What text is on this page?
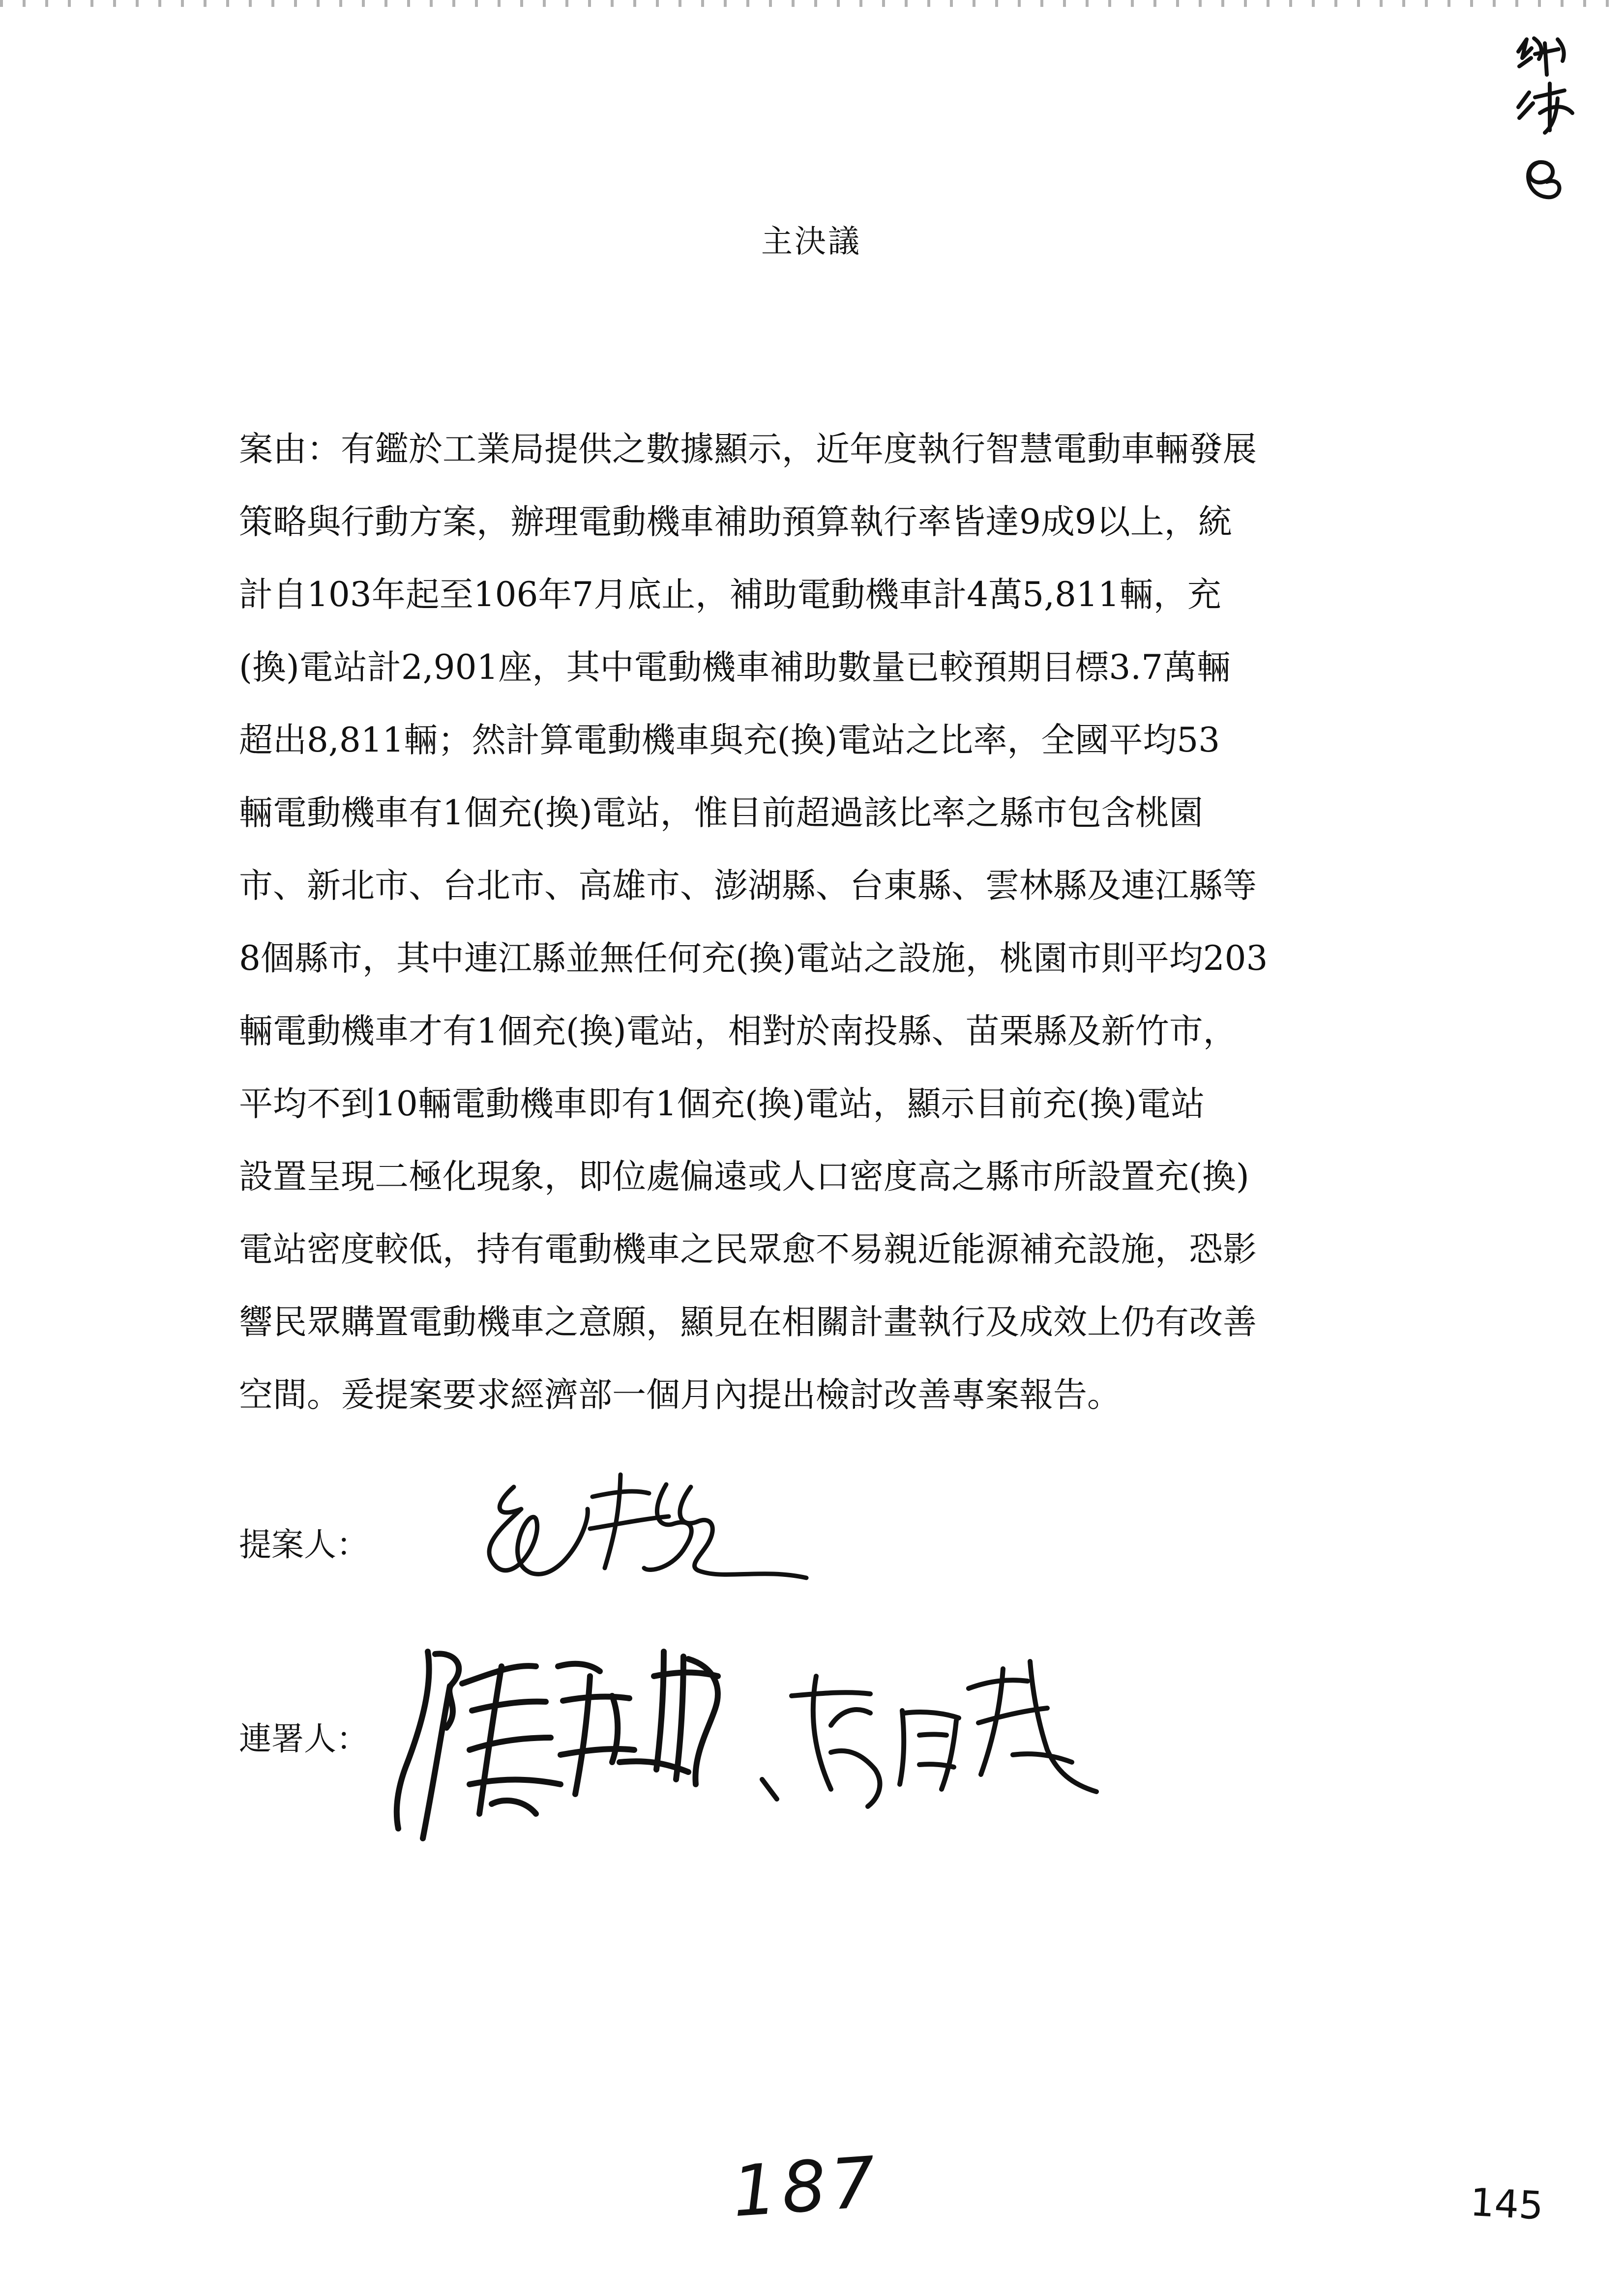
主決議
案由：有鑑於工業局提供之數據顯示，近年度執行智慧電動車輛發展
策略與行動方案，辦理電動機車補助預算執行率皆達9成9以上，統
計自103年起至106年7月底止，補助電動機車計4萬5,811輛，充
(換)電站計2,901座，其中電動機車補助數量已較預期目標3.7萬輛
超出8,811輛；然計算電動機車與充(換)電站之比率，全國平均53
輛電動機車有1個充(換)電站，惟目前超過該比率之縣市包含桃園
市、新北市、台北市、高雄市、澎湖縣、台東縣、雲林縣及連江縣等
8個縣市，其中連江縣並無任何充(換)電站之設施，桃園市則平均203
輛電動機車才有1個充(換)電站，相對於南投縣、苗栗縣及新竹市，
平均不到10輛電動機車即有1個充(換)電站，顯示目前充(換)電站
設置呈現二極化現象，即位處偏遠或人口密度高之縣市所設置充(換)
電站密度較低，持有電動機車之民眾愈不易親近能源補充設施，恐影
響民眾購置電動機車之意願，顯見在相關計畫執行及成效上仍有改善
空間。爰提案要求經濟部一個月內提出檢討改善專案報告。
提案人：
連署人：
187	145
